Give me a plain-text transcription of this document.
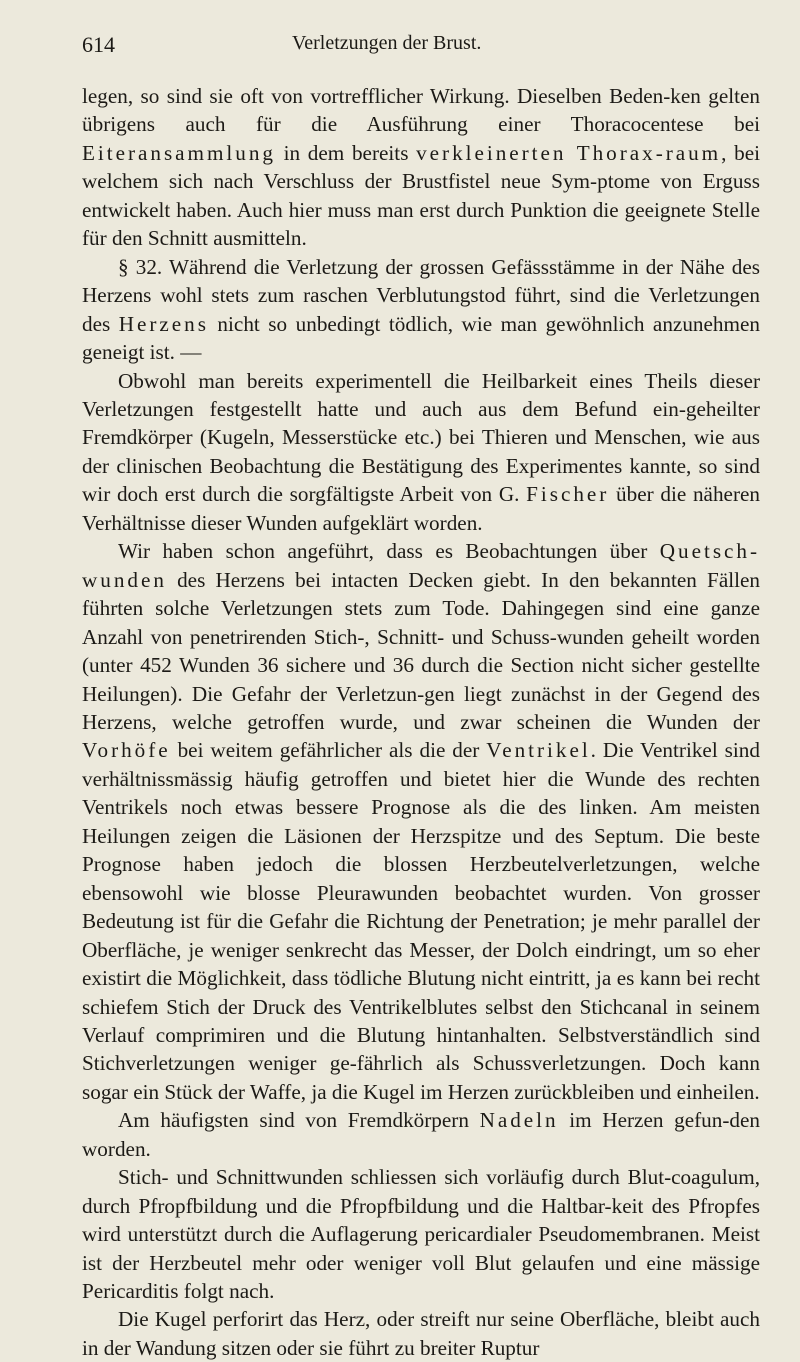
614	Verletzungen der Brust.

legen, so sind sie oft von vortrefflicher Wirkung. Dieselben Beden-ken gelten übrigens auch für die Ausführung einer Thoracocentese bei Eiteransammlung in dem bereits verkleinerten Thorax-raum, bei welchem sich nach Verschluss der Brustfistel neue Sym-ptome von Erguss entwickelt haben. Auch hier muss man erst durch Punktion die geeignete Stelle für den Schnitt ausmitteln.

§ 32. Während die Verletzung der grossen Gefässstämme in der Nähe des Herzens wohl stets zum raschen Verblutungstod führt, sind die Verletzungen des Herzens nicht so unbedingt tödlich, wie man gewöhnlich anzunehmen geneigt ist. —

Obwohl man bereits experimentell die Heilbarkeit eines Theils dieser Verletzungen festgestellt hatte und auch aus dem Befund ein-geheilter Fremdkörper (Kugeln, Messerstücke etc.) bei Thieren und Menschen, wie aus der clinischen Beobachtung die Bestätigung des Experimentes kannte, so sind wir doch erst durch die sorgfältigste Arbeit von G. Fischer über die näheren Verhältnisse dieser Wunden aufgeklärt worden.

Wir haben schon angeführt, dass es Beobachtungen über Quetsch-wunden des Herzens bei intacten Decken giebt. In den bekannten Fällen führten solche Verletzungen stets zum Tode. Dahingegen sind eine ganze Anzahl von penetrirenden Stich-, Schnitt- und Schuss-wunden geheilt worden (unter 452 Wunden 36 sichere und 36 durch die Section nicht sicher gestellte Heilungen). Die Gefahr der Verletzun-gen liegt zunächst in der Gegend des Herzens, welche getroffen wurde, und zwar scheinen die Wunden der Vorhöfe bei weitem gefährlicher als die der Ventrikel. Die Ventrikel sind verhältnissmässig häufig getroffen und bietet hier die Wunde des rechten Ventrikels noch etwas bessere Prognose als die des linken. Am meisten Heilungen zeigen die Läsionen der Herzspitze und des Septum. Die beste Prognose haben jedoch die blossen Herzbeutelverletzungen, welche ebensowohl wie blosse Pleurawunden beobachtet wurden. Von grosser Bedeutung ist für die Gefahr die Richtung der Penetration; je mehr parallel der Oberfläche, je weniger senkrecht das Messer, der Dolch eindringt, um so eher existirt die Möglichkeit, dass tödliche Blutung nicht eintritt, ja es kann bei recht schiefem Stich der Druck des Ventrikelblutes selbst den Stichcanal in seinem Verlauf comprimiren und die Blutung hintanhalten. Selbstverständlich sind Stichverletzungen weniger ge-fährlich als Schussverletzungen. Doch kann sogar ein Stück der Waffe, ja die Kugel im Herzen zurückbleiben und einheilen.

Am häufigsten sind von Fremdkörpern Nadeln im Herzen gefun-den worden.

Stich- und Schnittwunden schliessen sich vorläufig durch Blut-coagulum, durch Pfropfbildung und die Pfropfbildung und die Haltbar-keit des Pfropfes wird unterstützt durch die Auflagerung pericardialer Pseudomembranen. Meist ist der Herzbeutel mehr oder weniger voll Blut gelaufen und eine mässige Pericarditis folgt nach.

Die Kugel perforirt das Herz, oder streift nur seine Oberfläche, bleibt auch in der Wandung sitzen oder sie führt zu breiter Ruptur
